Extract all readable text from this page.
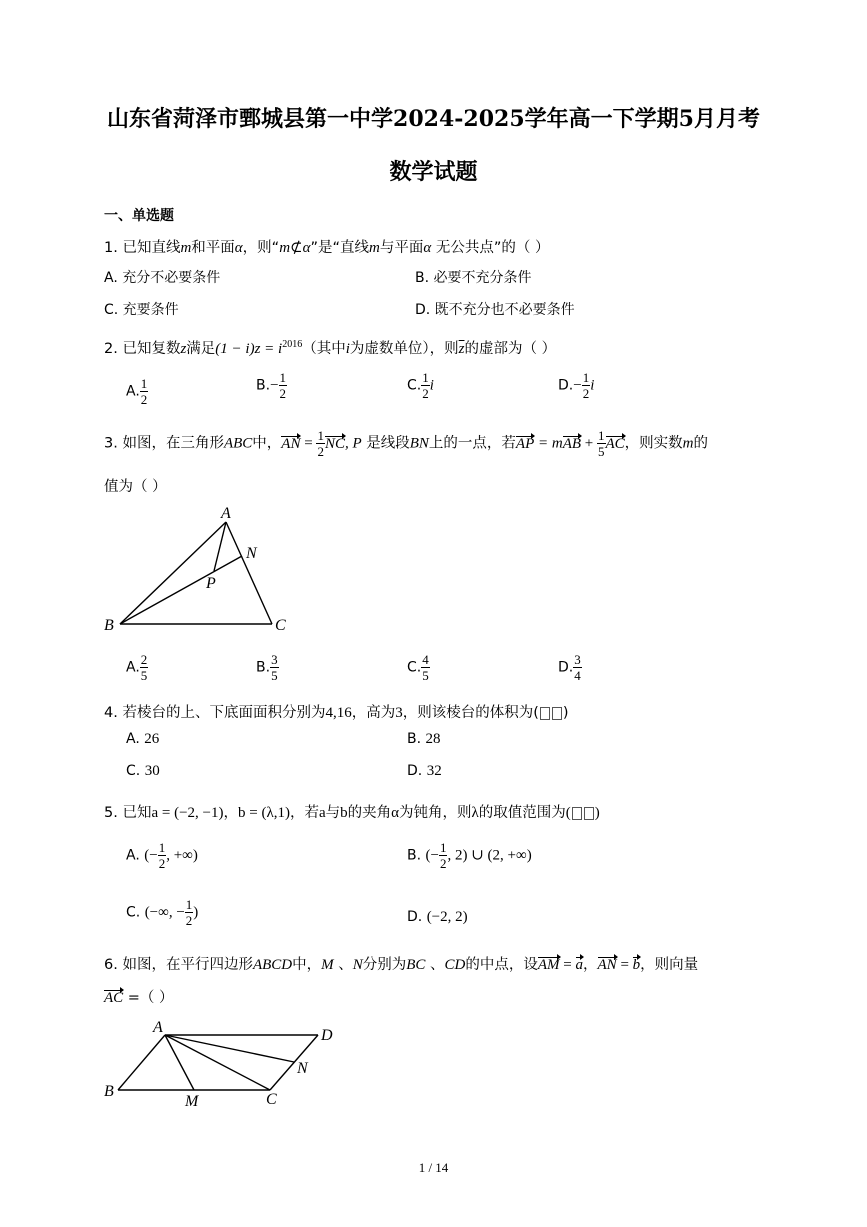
山东省菏泽市鄄城县第一中学2024-2025学年高一下学期5月月考
数学试题
一、单选题
1. 已知直线m和平面α，则“m⊄α”是“直线m与平面α 无公共点”的（ ）
A. 充分不必要条件	B. 必要不充分条件
C. 充要条件	D. 既不充分也不必要条件
2. 已知复数z满足$(1 - i)z = i^{2016}$（其中i为虚数单位），则$\overline{z}$的虚部为（ ）
A. $\frac{1}{2}$	$B.- \frac{1}{2}$	C. $\frac{1}{2}$ i	$D.- \frac{1}{2}$ i
3. 如图，在三角形ABC中，AN = $\frac{1}{2}$ NC, P 是线段BN上的一点，若AP = mAB + $\frac{1}{5}$ AC，则实数m的
值为（ ）
A
B	C
N
P
A. $\frac{2}{5}$	B. $\frac{3}{5}$	C. $\frac{4}{5}$	D. $\frac{3}{4}$
4. 若棱台的上、下底面面积分别为4,16，高为3，则该棱台的体积为( )
A. 26	B. 28
C. 30	D. 32
5. 已知a = (−2, −1)，b = (λ,1)，若a与b的夹角α为钝角，则λ的取值范围为( )
A. (− $\frac{1}{2}$ , +∞)	B. (− $\frac{1}{2}$ , 2) ∪ (2, +∞)
C. (−∞, − $\frac{1}{2}$ )	D. (−2, 2)
6. 如图，在平行四边形ABCD中，M 、N分别为BC 、CD的中点，设AM = a，AN = b，则向量
AC =（ ）
A	D
B
M	C
N
1 / 14
